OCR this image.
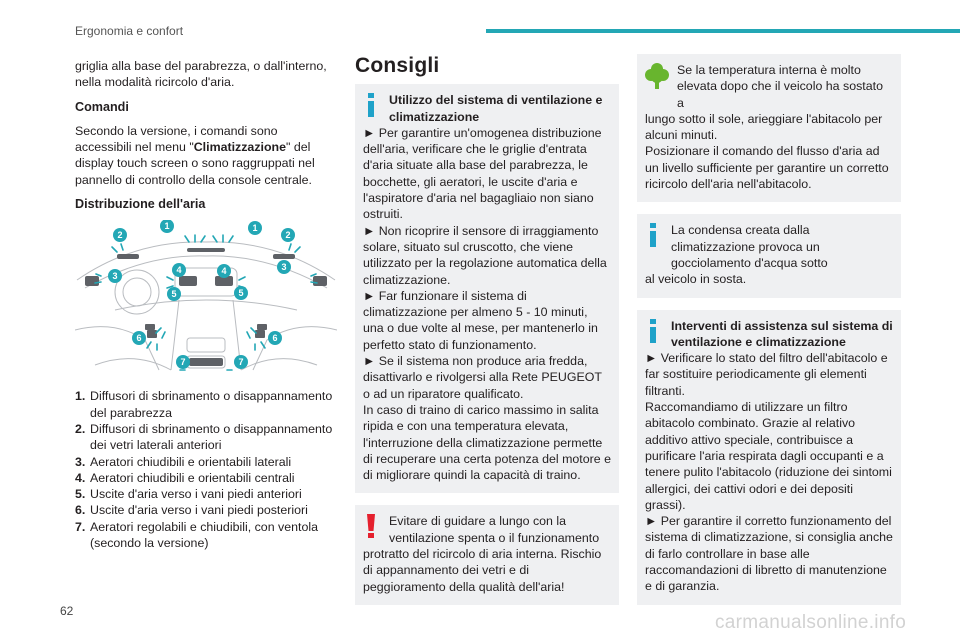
Ergonomia e confort

griglia alla base del parabrezza, o dall'interno, nella modalità ricircolo d'aria.

Comandi

Secondo la versione, i comandi sono accessibili nel menu "Climatizzazione" del display touch screen o sono raggruppati nel pannello di controllo della console centrale.

Distribuzione dell'aria
1	1
2	2
3
3
4	4
5	5
6	6
7	7
1. Diffusori di sbrinamento o disappannamento del parabrezza
2. Diffusori di sbrinamento o disappannamento dei vetri laterali anteriori
3. Aeratori chiudibili e orientabili laterali
4. Aeratori chiudibili e orientabili centrali
5. Uscite d'aria verso i vani piedi anteriori
6. Uscite d'aria verso i vani piedi posteriori
7. Aeratori regolabili e chiudibili, con ventola (secondo la versione)
Consigli
Utilizzo del sistema di ventilazione e climatizzazione
► Per garantire un'omogenea distribuzione dell'aria, verificare che le griglie d'entrata d'aria situate alla base del parabrezza, le bocchette, gli aeratori, le uscite d'aria e l'aspiratore d'aria nel bagagliaio non siano ostruiti.
► Non ricoprire il sensore di irraggiamento solare, situato sul cruscotto, che viene utilizzato per la regolazione automatica della climatizzazione.
► Far funzionare il sistema di climatizzazione per almeno 5 - 10 minuti, una o due volte al mese, per mantenerlo in perfetto stato di funzionamento.
► Se il sistema non produce aria fredda, disattivarlo e rivolgersi alla Rete PEUGEOT o ad un riparatore qualificato.
In caso di traino di carico massimo in salita ripida e con una temperatura elevata, l'interruzione della climatizzazione permette di recuperare una certa potenza del motore e di migliorare quindi la capacità di traino.
Evitare di guidare a lungo con la ventilazione spenta o il funzionamento
protratto del ricircolo di aria interna. Rischio di appannamento dei vetri e di peggioramento della qualità dell'aria!
Se la temperatura interna è molto elevata dopo che il veicolo ha sostato a
lungo sotto il sole, arieggiare l'abitacolo per alcuni minuti.
Posizionare il comando del flusso d'aria ad un livello sufficiente per garantire un corretto ricircolo dell'aria nell'abitacolo.
La condensa creata dalla climatizzazione provoca un gocciolamento d'acqua sotto
al veicolo in sosta.
Interventi di assistenza sul sistema di ventilazione e climatizzazione
► Verificare lo stato del filtro dell'abitacolo e far sostituire periodicamente gli elementi filtranti.
Raccomandiamo di utilizzare un filtro abitacolo combinato. Grazie al relativo additivo attivo speciale, contribuisce a purificare l'aria respirata dagli occupanti e a tenere pulito l'abitacolo (riduzione dei sintomi allergici, dei cattivi odori e dei depositi grassi).
► Per garantire il corretto funzionamento del sistema di climatizzazione, si consiglia anche di farlo controllare in base alle raccomandazioni di libretto di manutenzione e di garanzia.
62
carmanualsonline.info
